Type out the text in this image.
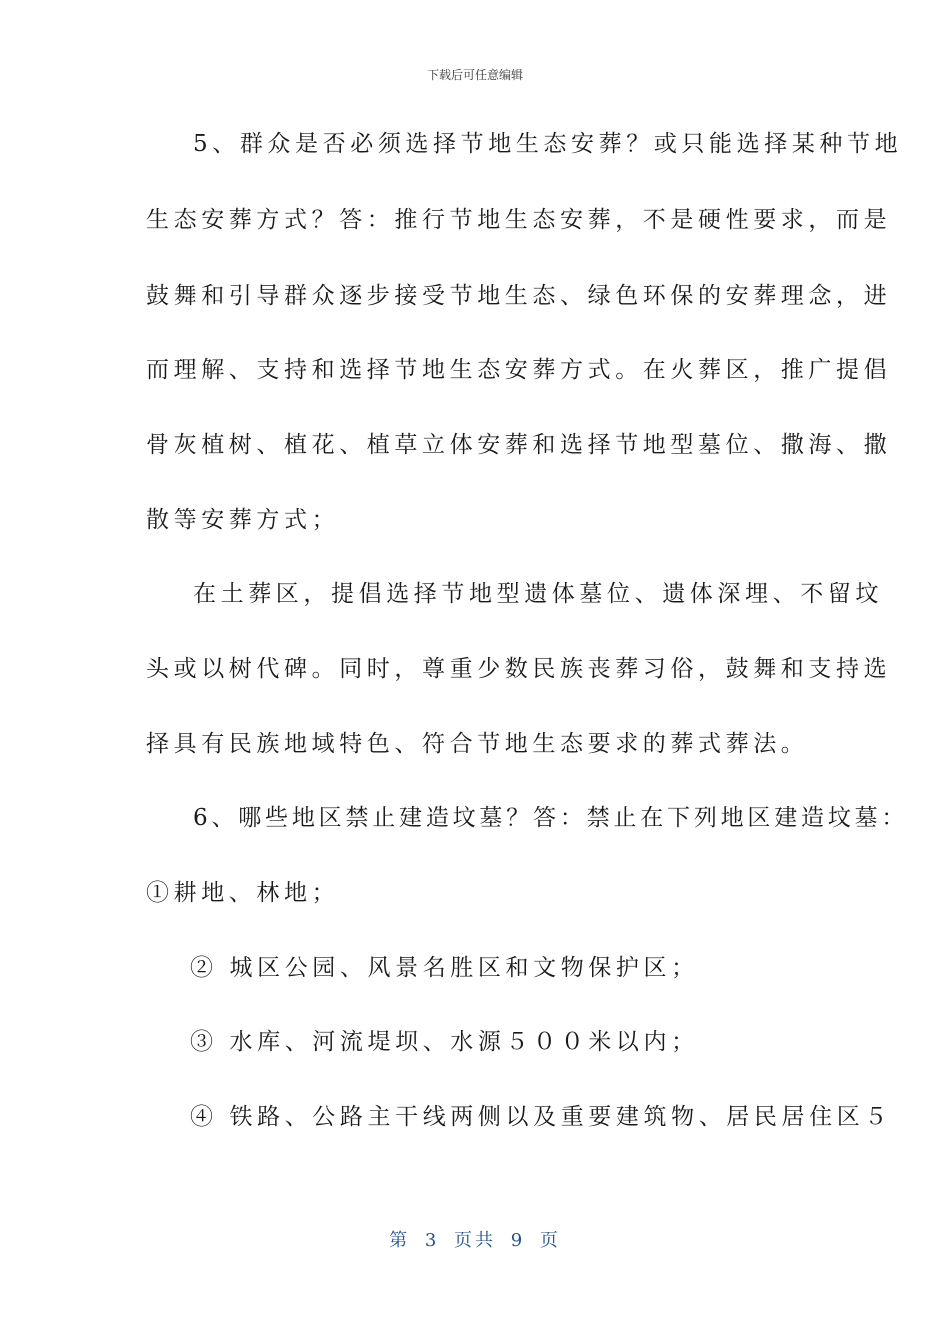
下载后可任意编辑
5、群众是否必须选择节地生态安葬？或只能选择某种节地
生态安葬方式？答：推行节地生态安葬，不是硬性要求，而是
鼓舞和引导群众逐步接受节地生态、绿色环保的安葬理念，进
而理解、支持和选择节地生态安葬方式。在火葬区，推广提倡
骨灰植树、植花、植草立体安葬和选择节地型墓位、撒海、撒
散等安葬方式；
在土葬区，提倡选择节地型遗体墓位、遗体深埋、不留坟
头或以树代碑。同时，尊重少数民族丧葬习俗，鼓舞和支持选
择具有民族地域特色、符合节地生态要求的葬式葬法。
6、哪些地区禁止建造坟墓？答：禁止在下列地区建造坟墓：
①耕地、林地；
② 城区公园、风景名胜区和文物保护区；
③ 水库、河流堤坝、水源５００米以内；
④ 铁路、公路主干线两侧以及重要建筑物、居民居住区５
第 3 页共 9 页
